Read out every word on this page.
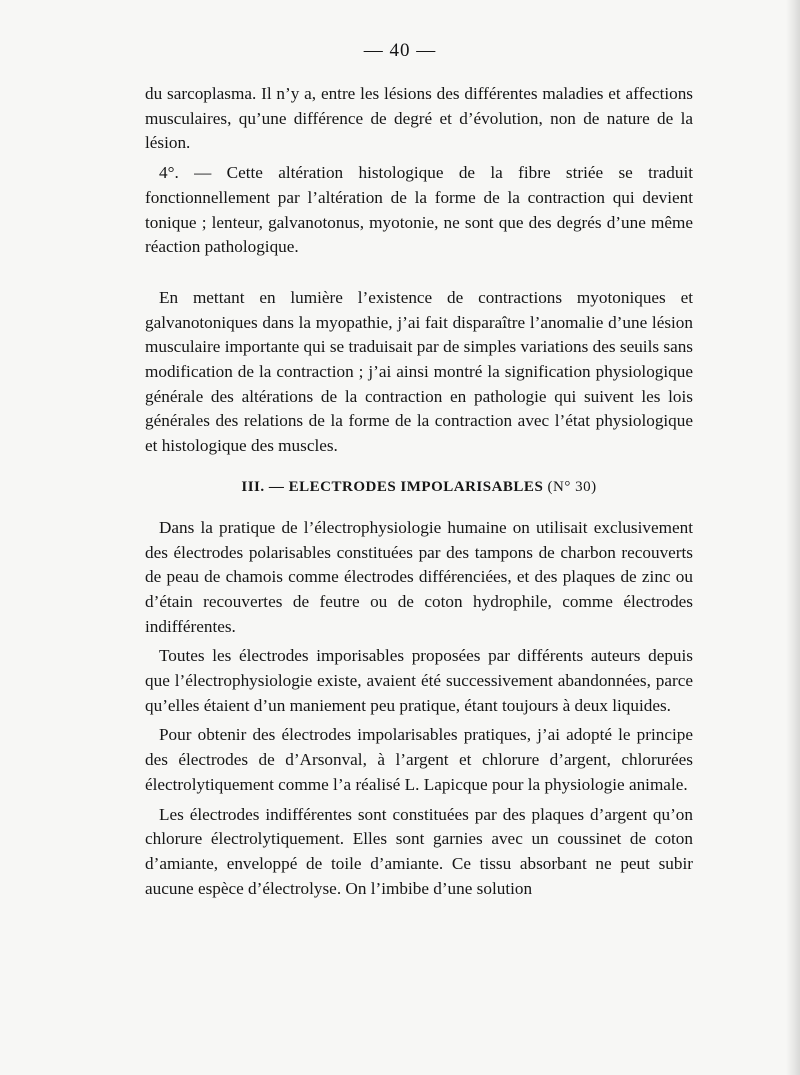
— 40 —

du sarcoplasma. Il n’y a, entre les lésions des différentes maladies et affections musculaires, qu’une différence de degré et d’évolution, non de nature de la lésion.

4°. — Cette altération histologique de la fibre striée se traduit fonctionnellement par l’altération de la forme de la contraction qui devient tonique ; lenteur, galvanotonus, myotonie, ne sont que des degrés d’une même réaction pathologique.

En mettant en lumière l’existence de contractions myotoniques et galvanotoniques dans la myopathie, j’ai fait disparaître l’anomalie d’une lésion musculaire importante qui se traduisait par de simples variations des seuils sans modification de la contraction ; j’ai ainsi montré la signification physiologique générale des altérations de la contraction en pathologie qui suivent les lois générales des relations de la forme de la contraction avec l’état physiologique et histologique des muscles.

III. — ELECTRODES IMPOLARISABLES (N° 30)

Dans la pratique de l’électrophysiologie humaine on utilisait exclusivement des électrodes polarisables constituées par des tampons de charbon recouverts de peau de chamois comme électrodes différenciées, et des plaques de zinc ou d’étain recouvertes de feutre ou de coton hydrophile, comme électrodes indifférentes.

Toutes les électrodes imporisables proposées par différents auteurs depuis que l’électrophysiologie existe, avaient été successivement abandonnées, parce qu’elles étaient d’un maniement peu pratique, étant toujours à deux liquides.

Pour obtenir des électrodes impolarisables pratiques, j’ai adopté le principe des électrodes de d’Arsonval, à l’argent et chlorure d’argent, chlorurées électrolytiquement comme l’a réalisé L. Lapicque pour la physiologie animale.

Les électrodes indifférentes sont constituées par des plaques d’argent qu’on chlorure électrolytiquement. Elles sont garnies avec un coussinet de coton d’amiante, enveloppé de toile d’amiante. Ce tissu absorbant ne peut subir aucune espèce d’électrolyse. On l’imbibe d’une solution
